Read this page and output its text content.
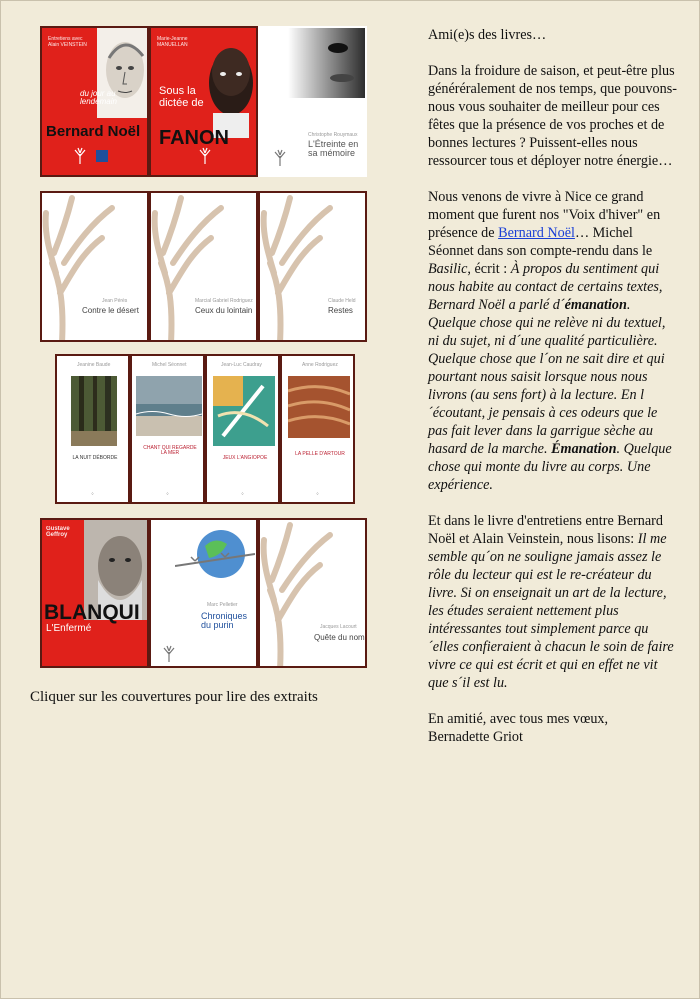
Entretiens avec Alain VEINSTEIN
du jour au lendemain
Bernard Noël
Marie-Jeanne MANUELLAN
Sous la dictée de
FANON	Christophe Rouymaux
L'Étreinte en sa mémoire
Jean Pérès
Contre le désert
Marcial Gabriel Rodriguez
Ceux du lointain
Claude Held
Restes
Jeanine Baude
LA NUIT DÉBORDE
◊
Michel Séonnet
CHANT QUI REGARDE LA MER
◊
Jean-Luc Caudray
JEUX L'ANGIOPOE
◊
Anne Rodriguez
LA PELLE D'ARTOUR
◊
Gustave Geffroy
BLANQUI
L'Enfermé
Marc Pelletier
Chroniques du purin	Jacques Lacourt
Quête du nom
Cliquer sur les couvertures pour lire des extraits

Ami(e)s des livres…

Dans la froidure de saison, et peut-être plus généréralement de nos temps, que pouvons-nous vous souhaiter de meilleur pour ces fêtes que la présence de vos proches et de bonnes lectures ? Puissent-elles nous ressourcer tous et déployer notre énergie…

Nous venons de vivre à Nice ce grand moment que furent nos "Voix d'hiver" en présence de Bernard Noël… Michel Séonnet dans son compte-rendu dans le Basilic, écrit : À propos du sentiment qui nous habite au contact de certains textes, Bernard Noël a parlé d´émanation. Quelque chose qui ne relève ni du textuel, ni du sujet, ni d´une qualité particulière. Quelque chose que l´on ne sait dire et qui pourtant nous saisit lorsque nous nous livrons (au sens fort) à la lecture. En l´écoutant, je pensais à ces odeurs que le pas fait lever dans la garrigue sèche au hasard de la marche. Émanation. Quelque chose qui monte du livre au corps. Une expérience.

Et dans le livre d'entretiens entre Bernard Noël et Alain Veinstein, nous lisons: Il me semble qu´on ne souligne jamais assez le rôle du lecteur qui est le re-créateur du livre. Si on enseignait un art de la lecture, les études seraient nettement plus intéressantes tout simplement parce qu´elles confieraient à chacun le soin de faire vivre ce qui est écrit et qui en effet ne vit que s´il est lu.

En amitié, avec tous mes vœux,
Bernadette Griot
